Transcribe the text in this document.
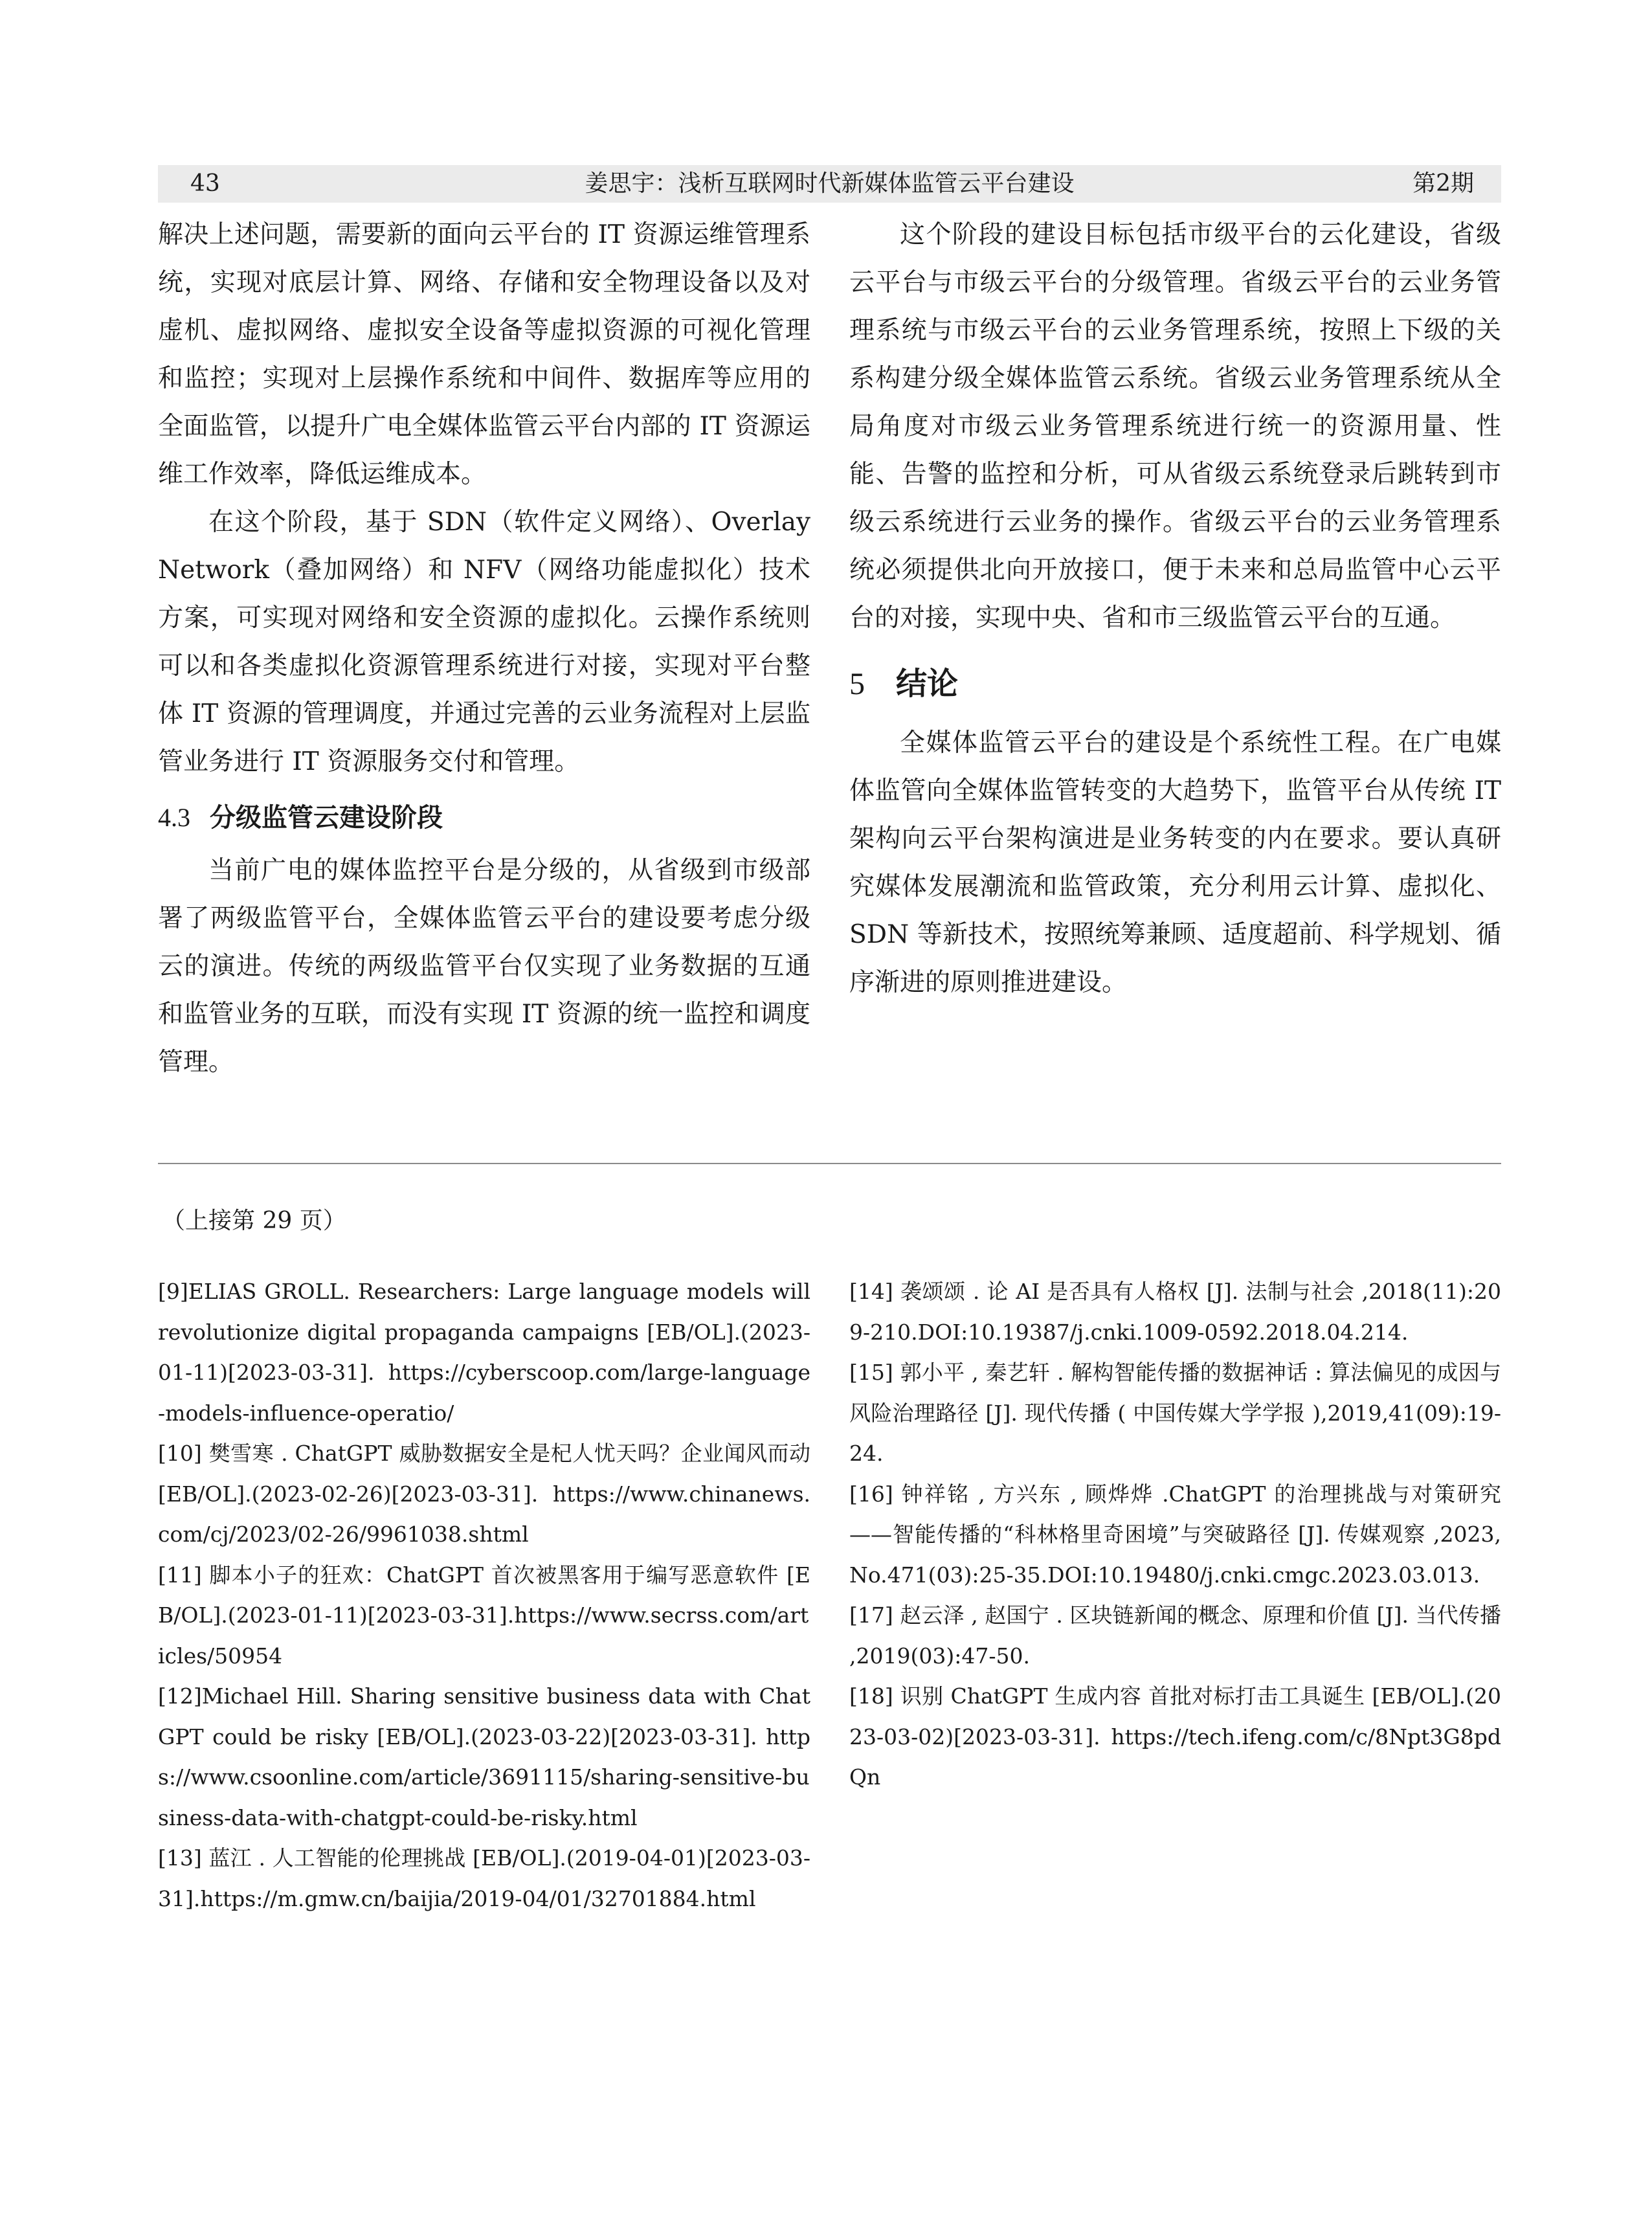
43	姜思宇：浅析互联网时代新媒体监管云平台建设	第2期

解决上述问题，需要新的面向云平台的 IT 资源运维管理系统，实现对底层计算、网络、存储和安全物理设备以及对虚机、虚拟网络、虚拟安全设备等虚拟资源的可视化管理和监控；实现对上层操作系统和中间件、数据库等应用的全面监管，以提升广电全媒体监管云平台内部的 IT 资源运维工作效率，降低运维成本。

在这个阶段，基于 SDN（软件定义网络）、Overlay Network（叠加网络）和 NFV（网络功能虚拟化）技术方案，可实现对网络和安全资源的虚拟化。云操作系统则可以和各类虚拟化资源管理系统进行对接，实现对平台整体 IT 资源的管理调度，并通过完善的云业务流程对上层监管业务进行 IT 资源服务交付和管理。

4.3 分级监管云建设阶段

当前广电的媒体监控平台是分级的，从省级到市级部署了两级监管平台，全媒体监管云平台的建设要考虑分级云的演进。传统的两级监管平台仅实现了业务数据的互通和监管业务的互联，而没有实现 IT 资源的统一监控和调度管理。

这个阶段的建设目标包括市级平台的云化建设，省级云平台与市级云平台的分级管理。省级云平台的云业务管理系统与市级云平台的云业务管理系统，按照上下级的关系构建分级全媒体监管云系统。省级云业务管理系统从全局角度对市级云业务管理系统进行统一的资源用量、性能、告警的监控和分析，可从省级云系统登录后跳转到市级云系统进行云业务的操作。省级云平台的云业务管理系统必须提供北向开放接口，便于未来和总局监管中心云平台的对接，实现中央、省和市三级监管云平台的互通。

5 结论

全媒体监管云平台的建设是个系统性工程。在广电媒体监管向全媒体监管转变的大趋势下，监管平台从传统 IT 架构向云平台架构演进是业务转变的内在要求。要认真研究媒体发展潮流和监管政策，充分利用云计算、虚拟化、SDN 等新技术，按照统筹兼顾、适度超前、科学规划、循序渐进的原则推进建设。

（上接第 29 页）

[9]ELIAS GROLL. Researchers: Large language models will revolutionize digital propaganda campaigns [EB/OL].(2023-01-11)[2023-03-31]. https://cyberscoop.com/large-language-models-influence-operatio/

[10] 樊雪寒 . ChatGPT 威胁数据安全是杞人忧天吗？企业闻风而动 [EB/OL].(2023-02-26)[2023-03-31]. https://www.chinanews.com/cj/2023/02-26/9961038.shtml

[11] 脚本小子的狂欢：ChatGPT 首次被黑客用于编写恶意软件 [EB/OL].(2023-01-11)[2023-03-31].https://www.secrss.com/articles/50954

[12]Michael Hill. Sharing sensitive business data with ChatGPT could be risky [EB/OL].(2023-03-22)[2023-03-31]. https://www.csoonline.com/article/3691115/sharing-sensitive-business-data-with-chatgpt-could-be-risky.html

[13] 蓝江 . 人工智能的伦理挑战 [EB/OL].(2019-04-01)[2023-03-31].https://m.gmw.cn/baijia/2019-04/01/32701884.html

[14] 袭颂颂 . 论 AI 是否具有人格权 [J]. 法制与社会 ,2018(11):209-210.DOI:10.19387/j.cnki.1009-0592.2018.04.214.

[15] 郭小平 , 秦艺轩 . 解构智能传播的数据神话 : 算法偏见的成因与风险治理路径 [J]. 现代传播 ( 中国传媒大学学报 ),2019,41(09):19-24.

[16] 钟祥铭 , 方兴东 , 顾烨烨 .ChatGPT 的治理挑战与对策研究——智能传播的“科林格里奇困境”与突破路径 [J]. 传媒观察 ,2023,No.471(03):25-35.DOI:10.19480/j.cnki.cmgc.2023.03.013.

[17] 赵云泽 , 赵国宁 . 区块链新闻的概念、原理和价值 [J]. 当代传播 ,2019(03):47-50.

[18] 识别 ChatGPT 生成内容 首批对标打击工具诞生 [EB/OL].(2023-03-02)[2023-03-31]. https://tech.ifeng.com/c/8Npt3G8pdQn
